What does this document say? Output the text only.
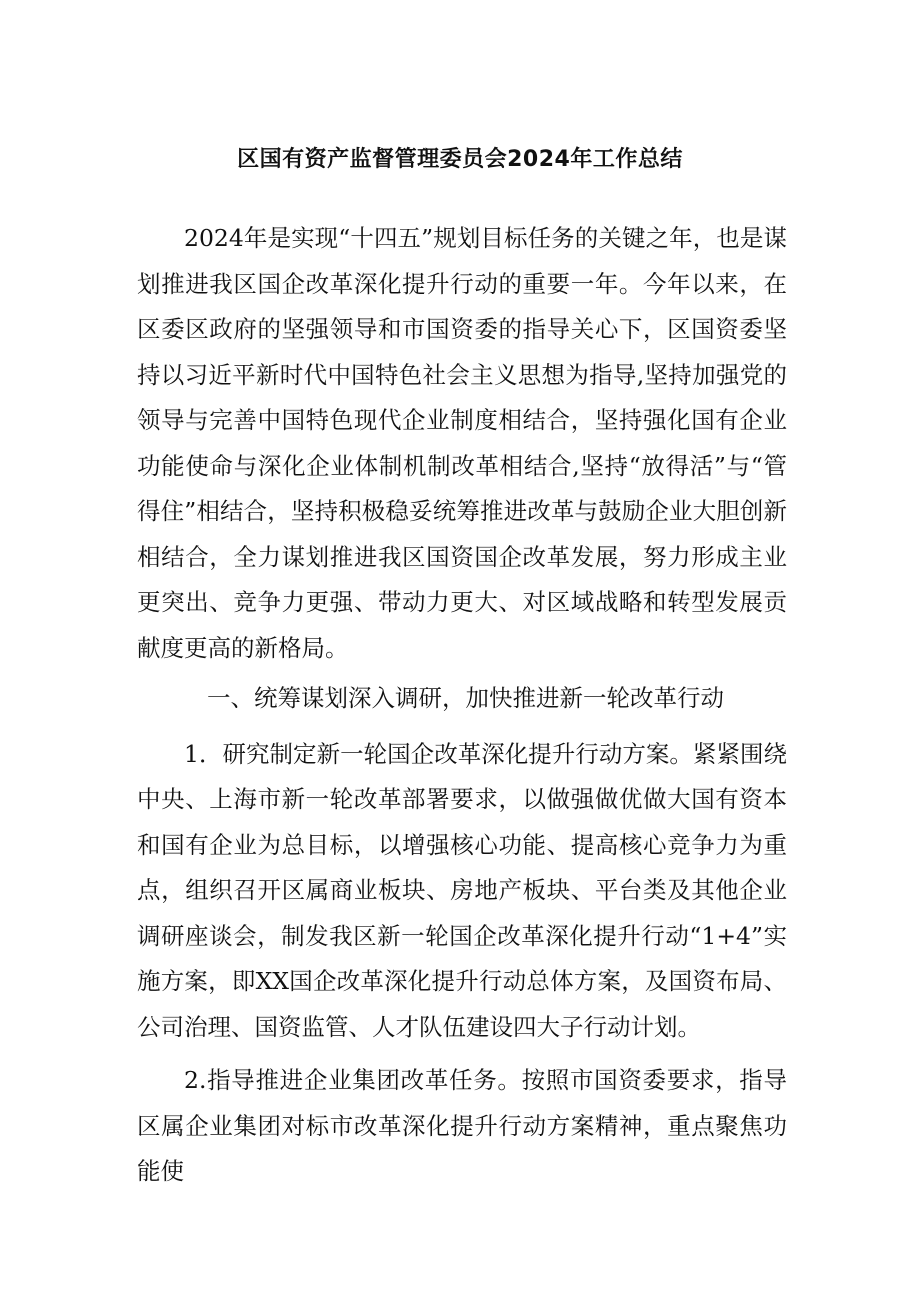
区国有资产监督管理委员会2024年工作总结

2024年是实现“十四五”规划目标任务的关键之年，也是谋划推进我区国企改革深化提升行动的重要一年。今年以来，在区委区政府的坚强领导和市国资委的指导关心下，区国资委坚持以习近平新时代中国特色社会主义思想为指导,坚持加强党的领导与完善中国特色现代企业制度相结合，坚持强化国有企业功能使命与深化企业体制机制改革相结合,坚持“放得活”与“管得住”相结合，坚持积极稳妥统筹推进改革与鼓励企业大胆创新相结合，全力谋划推进我区国资国企改革发展，努力形成主业更突出、竞争力更强、带动力更大、对区域战略和转型发展贡献度更高的新格局。

一、统筹谋划深入调研，加快推进新一轮改革行动

1．研究制定新一轮国企改革深化提升行动方案。紧紧围绕中央、上海市新一轮改革部署要求，以做强做优做大国有资本和国有企业为总目标，以增强核心功能、提高核心竞争力为重点，组织召开区属商业板块、房地产板块、平台类及其他企业调研座谈会，制发我区新一轮国企改革深化提升行动“1+4”实施方案，即XX国企改革深化提升行动总体方案，及国资布局、公司治理、国资监管、人才队伍建设四大子行动计划。

2.指导推进企业集团改革任务。按照市国资委要求，指导区属企业集团对标市改革深化提升行动方案精神，重点聚焦功能使
